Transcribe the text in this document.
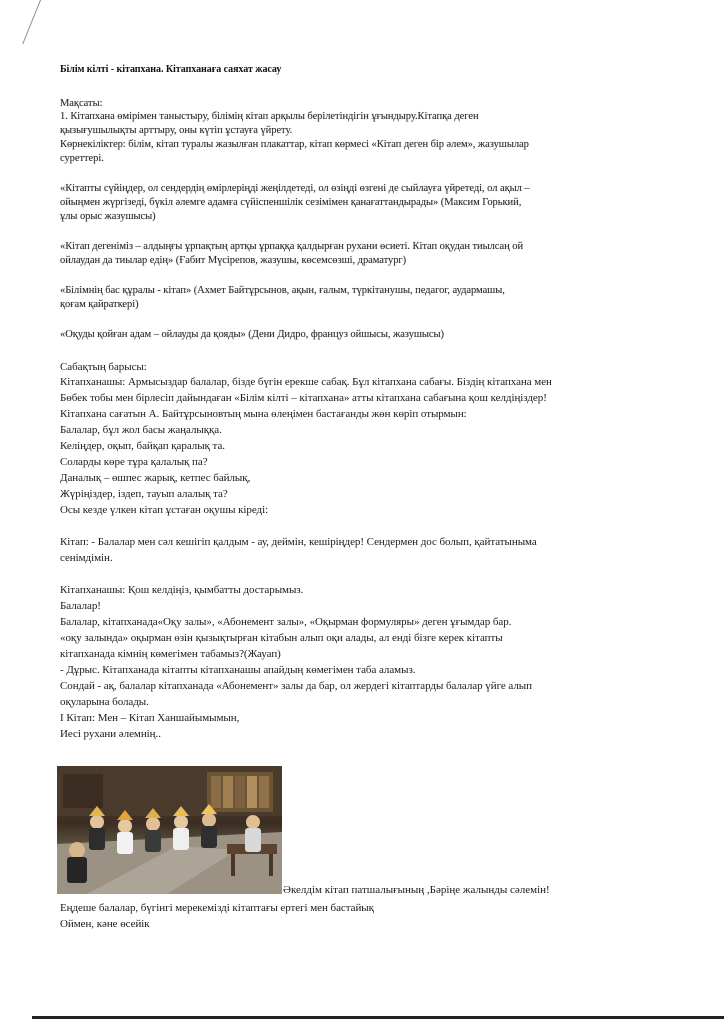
Білім кілті - кітапхана. Кітапханаға саяхат жасау
Мақсаты:
1. Кітапхана өмірімен таныстыру, білімің кітап арқылы берілетіндігін ұғындыру.Кітапқа деген
қызығушылықты арттыру, оны күтіп ұстауға үйрету.
Көрнекіліктер: білім, кітап туралы жазылған плакаттар, кітап көрмесі «Кітап деген бір әлем», жазушылар
суреттері.
«Кітапты сүйіңдер, ол сендердің өмірлеріңді жеңілдетеді, ол өзіңді өзгені де сыйлауға үйретеді, ол ақыл –
ойыңмен жүргізеді, бүкіл әлемге адамға сүйіспеншілік сезімімен қанағаттандырады» (Максим Горький,
ұлы орыс жазушысы)
«Кітап дегеніміз – алдыңғы ұрпақтың артқы ұрпаққа қалдырған рухани өсиеті. Кітап оқудан тиылсаң ой
ойлаудан да тиылар едің» (Ғабит Мүсірепов, жазушы, көсемсөзші, драматург)
«Білімнің бас құралы - кітап» (Ахмет Байтұрсынов, ақын, ғалым, түркітанушы, педагог, аудармашы,
қоғам қайраткері)
«Оқуды қойған адам – ойлауды да қояды» (Дени Дидро, француз ойшысы, жазушысы)
Сабақтың барысы:
Кітапханашы: Армысыздар балалар, бізде бүгін ерекше сабақ. Бұл кітапхана сабағы. Біздің кітапхана мен
Бөбек тобы мен бірлесіп дайындаған «Білім кілті – кітапхана» атты кітапхана сабағына қош келдіңіздер!
Кітапхана сағатын А. Байтұрсыновтың мына өлеңімен бастағанды жөн көріп отырмын:
Балалар, бұл жол басы жаңалыққа.
Келіңдер, оқып, байқап қаралық та.
Соларды көре тұра қалалық па?
Даналық – өшпес жарық, кетпес байлық,
Жүріңіздер, іздеп, тауып алалық та?
Осы кезде үлкен кітап ұстаған оқушы кіреді:
Кітап: - Балалар мен сәл кешігіп қалдым - ау, деймін, кешіріңдер! Сендермен дос болып, қайтатыныма
сенімдімін.
Кітапханашы: Қош келдіңіз, қымбатты достарымыз.
Балалар!
Балалар, кітапханада«Оқу залы», «Абонемент залы», «Оқырман формуляры» деген ұғымдар бар.
«оқу залында» оқырман өзін қызықтырған кітабын алып оқи алады, ал енді бізге керек кітапты
кітапханада кімнің көмегімен табамыз?(Жауап)
- Дұрыс. Кітапханада кітапты кітапханашы апайдың көмегімен таба аламыз.
Сондай - ақ, балалар кітапханада «Абонемент» залы да бар, ол жердегі кітаптарды балалар үйге алып
оқуларына болады.
І Кітап: Мен – Кітап Ханшайымымын,
Иесі рухани әлемнің..
Әкелдім кітап патшалығының ,Бәріңе жалынды сәлемін!
Еңдеше балалар, бүгінгі мерекемізді кітаптағы ертегі мен бастайық
Оймен, кәне өсейік
